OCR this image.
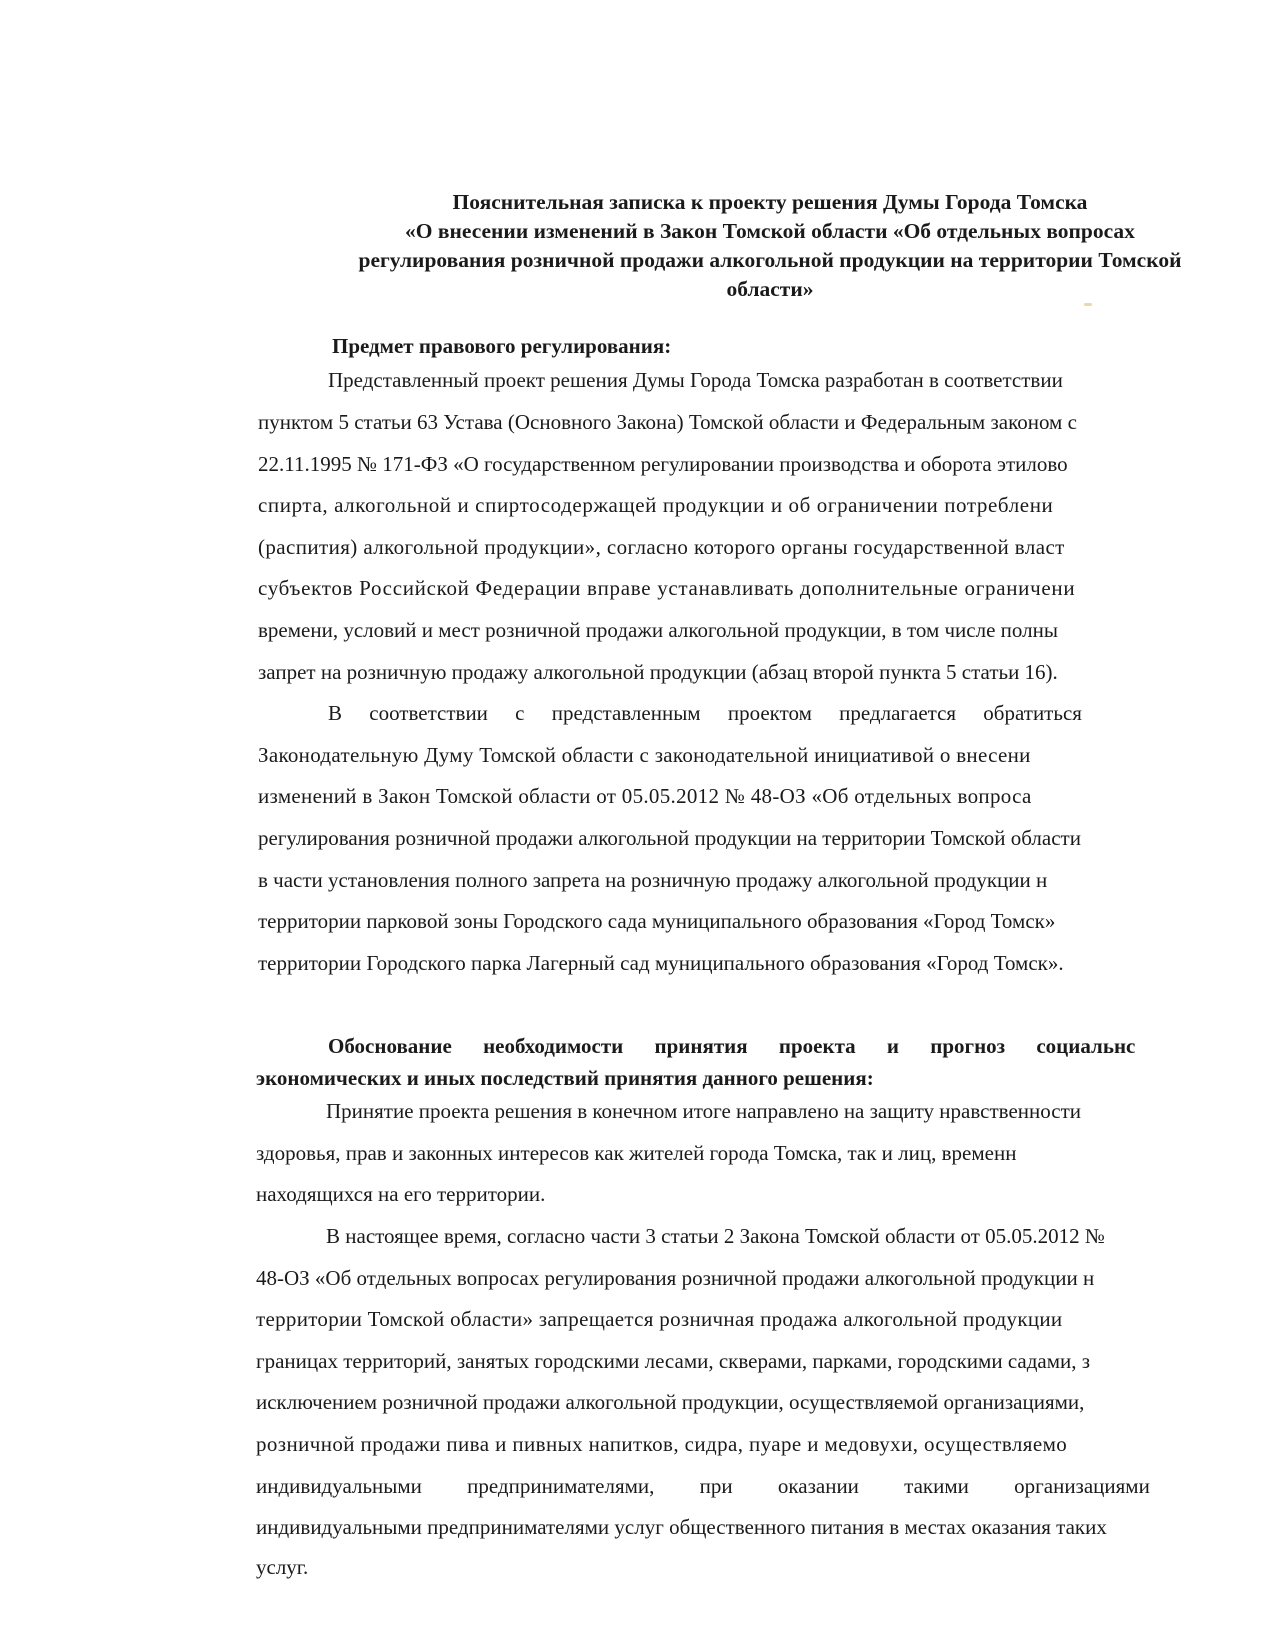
Пояснительная записка к проекту решения Думы Города Томска
«О внесении изменений в Закон Томской области «Об отдельных вопросах
регулирования розничной продажи алкогольной продукции на территории Томской
области»
Предмет правового регулирования:
Представленный проект решения Думы Города Томска разработан в соответствии
пунктом 5 статьи 63 Устава (Основного Закона) Томской области и Федеральным законом с
22.11.1995 № 171-ФЗ «О государственном регулировании производства и оборота этилово
спирта, алкогольной и спиртосодержащей продукции и об ограничении потреблени
(распития) алкогольной продукции», согласно которого органы государственной власт
субъектов Российской Федерации вправе устанавливать дополнительные ограничени
времени, условий и мест розничной продажи алкогольной продукции, в том числе полны
запрет на розничную продажу алкогольной продукции (абзац второй пункта 5 статьи 16).
В соответствии с представленным проектом предлагается обратиться
Законодательную Думу Томской области с законодательной инициативой о внесени
изменений в Закон Томской области от 05.05.2012 № 48-ОЗ «Об отдельных вопроса
регулирования розничной продажи алкогольной продукции на территории Томской области
в части установления полного запрета на розничную продажу алкогольной продукции н
территории парковой зоны Городского сада муниципального образования «Город Томск»
территории Городского парка Лагерный сад муниципального образования «Город Томск».
Обоснование необходимости принятия проекта и прогноз социальнс
экономических и иных последствий принятия данного решения:
Принятие проекта решения в конечном итоге направлено на защиту нравственности
здоровья, прав и законных интересов как жителей города Томска, так и лиц, временн
находящихся на его территории.
В настоящее время, согласно части 3 статьи 2 Закона Томской области от 05.05.2012 №
48-ОЗ «Об отдельных вопросах регулирования розничной продажи алкогольной продукции н
территории Томской области» запрещается розничная продажа алкогольной продукции
границах территорий, занятых городскими лесами, скверами, парками, городскими садами, з
исключением розничной продажи алкогольной продукции, осуществляемой организациями,
розничной продажи пива и пивных напитков, сидра, пуаре и медовухи, осуществляемо
индивидуальными предпринимателями, при оказании такими организациями
индивидуальными предпринимателями услуг общественного питания в местах оказания таких
услуг.
